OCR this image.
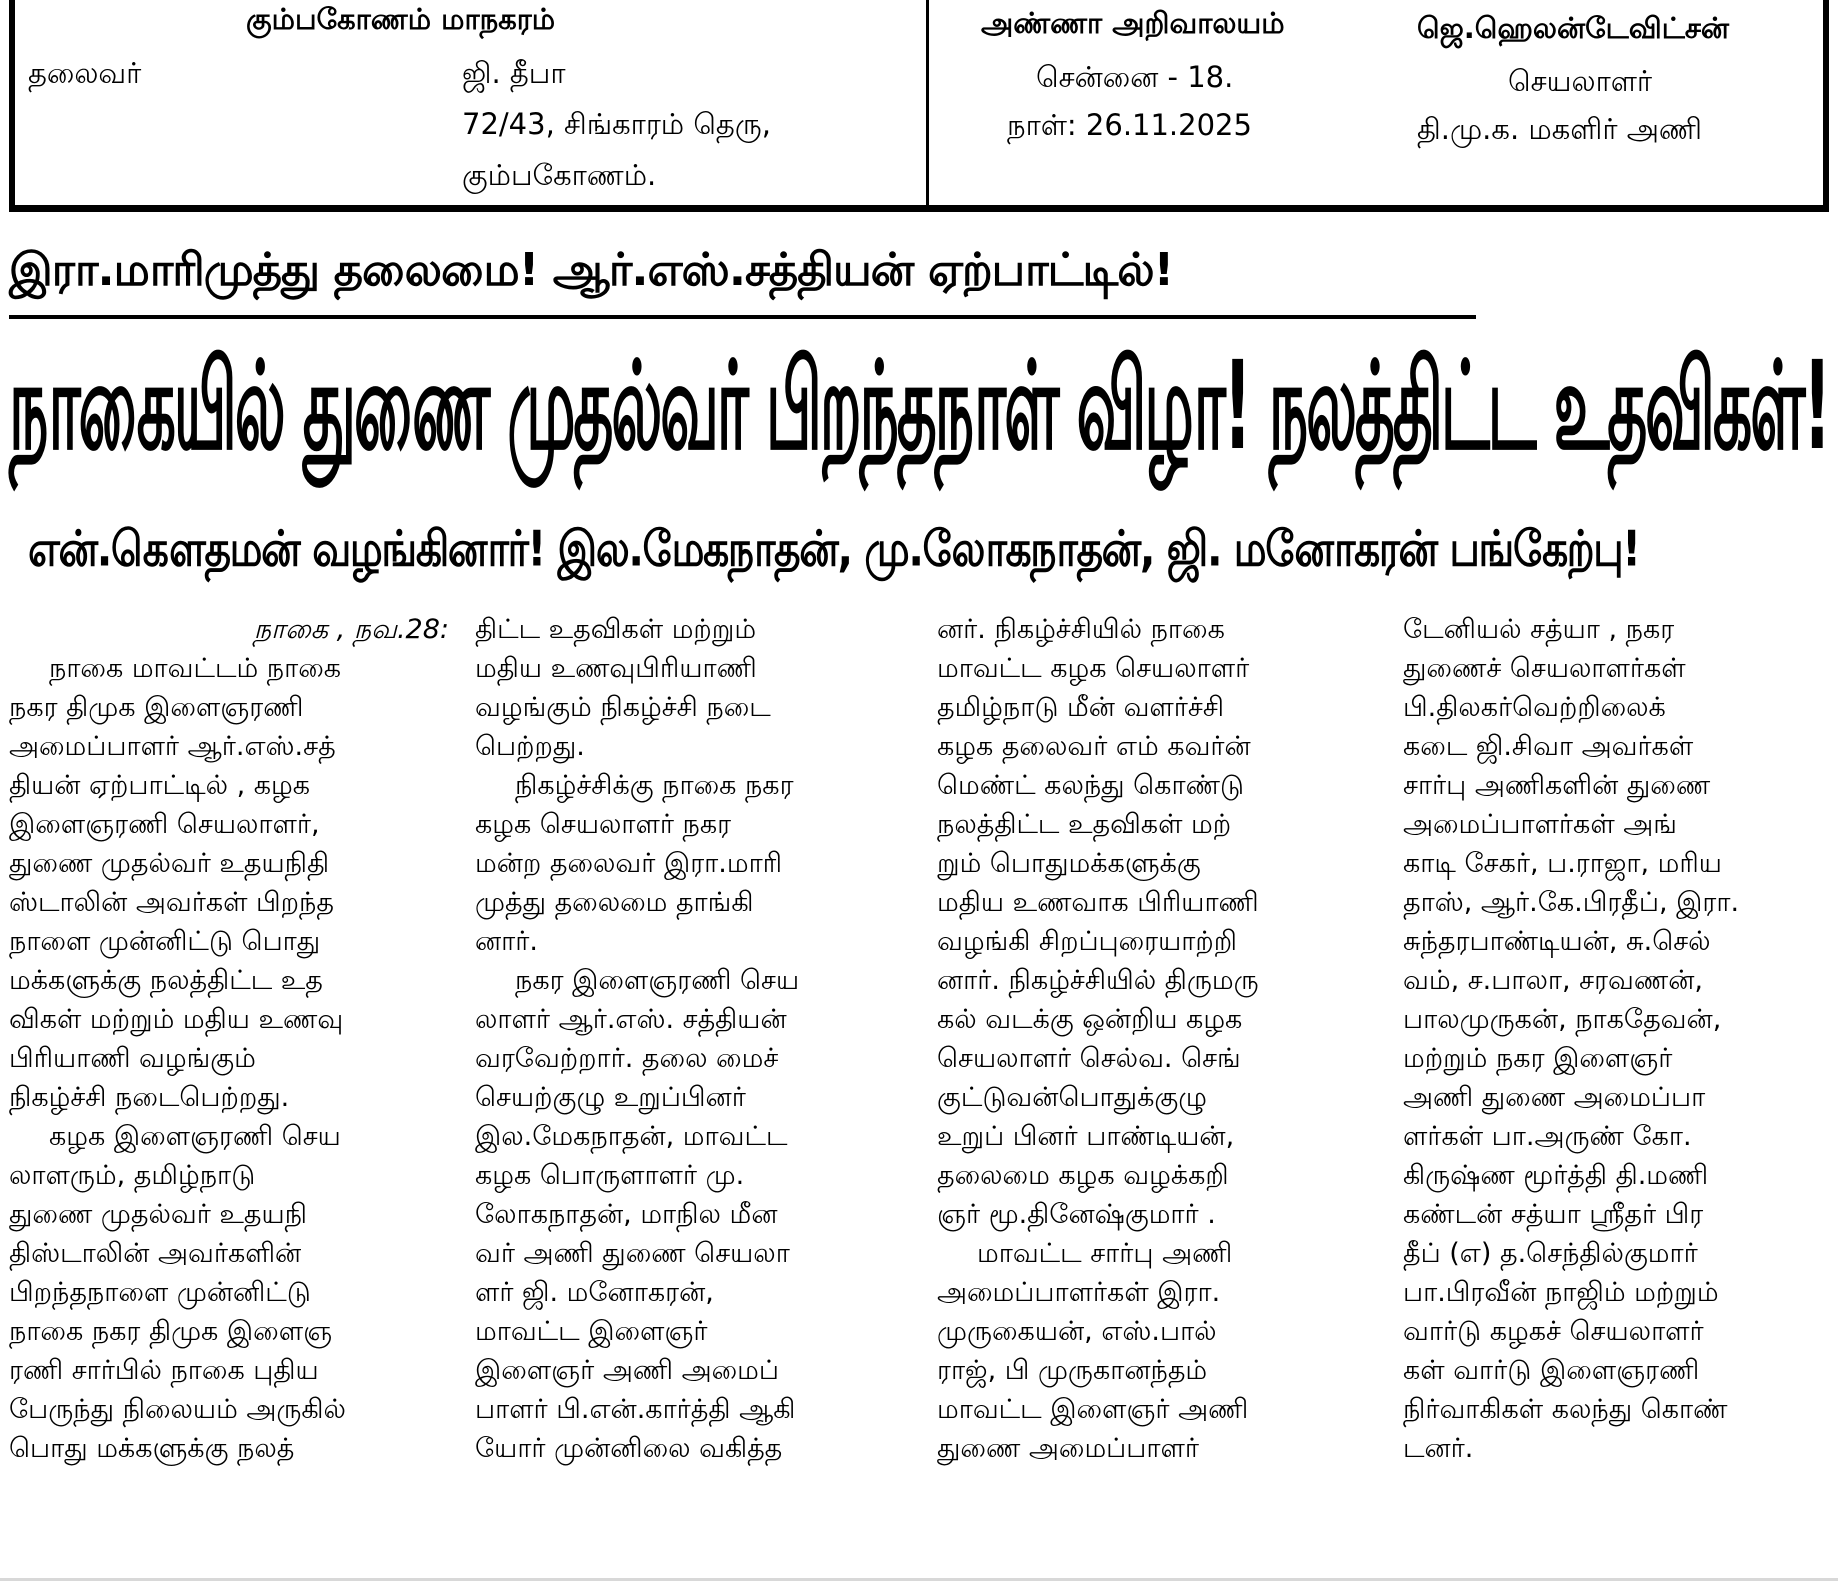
கும்பகோணம் மாநகரம்
தலைவர்	ஜி. தீபா
72/43, சிங்காரம் தெரு,
கும்பகோணம்.
அண்ணா அறிவாலயம்
சென்னை - 18.
நாள்: 26.11.2025
ஜெ.ஹெலன்டேவிட்சன்
செயலாளர்
தி.மு.க. மகளிர் அணி
இரா.மாரிமுத்து தலைமை! ஆர்.எஸ்.சத்தியன் ஏற்பாட்டில்!
நாகையில் துணை முதல்வர் பிறந்தநாள் விழா! நலத்திட்ட உதவிகள்!
என்.கௌதமன் வழங்கினார்! இல.மேகநாதன், மு.லோகநாதன், ஜி. மனோகரன் பங்கேற்பு!
நாகை , நவ.28:
நாகை மாவட்டம் நாகை
நகர திமுக இளைஞரணி
அமைப்பாளர் ஆர்.எஸ்.சத்
தியன் ஏற்பாட்டில் , கழக
இளைஞரணி செயலாளர்,
துணை முதல்வர் உதயநிதி
ஸ்டாலின் அவர்கள் பிறந்த
நாளை முன்னிட்டு பொது
மக்களுக்கு நலத்திட்ட உத
விகள் மற்றும் மதிய உணவு
பிரியாணி வழங்கும்
நிகழ்ச்சி நடைபெற்றது.
கழக இளைஞரணி செய
லாளரும், தமிழ்நாடு
துணை முதல்வர் உதயநி
திஸ்டாலின் அவர்களின்
பிறந்தநாளை முன்னிட்டு
நாகை நகர திமுக இளைஞ
ரணி சார்பில் நாகை புதிய
பேருந்து நிலையம் அருகில்
பொது மக்களுக்கு நலத்
திட்ட உதவிகள் மற்றும்
மதிய உணவுபிரியாணி
வழங்கும் நிகழ்ச்சி நடை
பெற்றது.
நிகழ்ச்சிக்கு நாகை நகர
கழக செயலாளர் நகர
மன்ற தலைவர் இரா.மாரி
முத்து தலைமை தாங்கி
னார்.
நகர இளைஞரணி செய
லாளர் ஆர்.எஸ். சத்தியன்
வரவேற்றார். தலை மைச்
செயற்குழு உறுப்பினர்
இல.மேகநாதன், மாவட்ட
கழக பொருளாளர் மு.
லோகநாதன், மாநில மீன
வர் அணி துணை செயலா
ளர் ஜி. மனோகரன்,
மாவட்ட இளைஞர்
இளைஞர் அணி அமைப்
பாளர் பி.என்.கார்த்தி ஆகி
யோர் முன்னிலை வகித்த
னர். நிகழ்ச்சியில் நாகை
மாவட்ட கழக செயலாளர்
தமிழ்நாடு மீன் வளர்ச்சி
கழக தலைவர் எம் கவர்ன்
மெண்ட் கலந்து கொண்டு
நலத்திட்ட உதவிகள் மற்
றும் பொதுமக்களுக்கு
மதிய உணவாக பிரியாணி
வழங்கி சிறப்புரையாற்றி
னார். நிகழ்ச்சியில் திருமரு
கல் வடக்கு ஒன்றிய கழக
செயலாளர் செல்வ. செங்
குட்டுவன்பொதுக்குழு
உறுப் பினர் பாண்டியன்,
தலைமை கழக வழக்கறி
ஞர் மூ.தினேஷ்குமார் .
மாவட்ட சார்பு அணி
அமைப்பாளர்கள் இரா.
முருகையன், எஸ்.பால்
ராஜ், பி முருகானந்தம்
மாவட்ட இளைஞர் அணி
துணை அமைப்பாளர்
டேனியல் சத்யா , நகர
துணைச் செயலாளர்கள்
பி.திலகர்வெற்றிலைக்
கடை ஜி.சிவா அவர்கள்
சார்பு அணிகளின் துணை
அமைப்பாளர்கள் அங்
காடி சேகர், ப.ராஜா, மரிய
தாஸ், ஆர்.கே.பிரதீப், இரா.
சுந்தரபாண்டியன், சு.செல்
வம், ச.பாலா, சரவணன்,
பாலமுருகன், நாகதேவன்,
மற்றும் நகர இளைஞர்
அணி துணை அமைப்பா
ளர்கள் பா.அருண் கோ.
கிருஷ்ண மூர்த்தி தி.மணி
கண்டன் சத்யா ஸ்ரீதர் பிர
தீப் (எ) த.செந்தில்குமார்
பா.பிரவீன் நாஜிம் மற்றும்
வார்டு கழகச் செயலாளர்
கள் வார்டு இளைஞரணி
நிர்வாகிகள் கலந்து கொண்
டனர்.
